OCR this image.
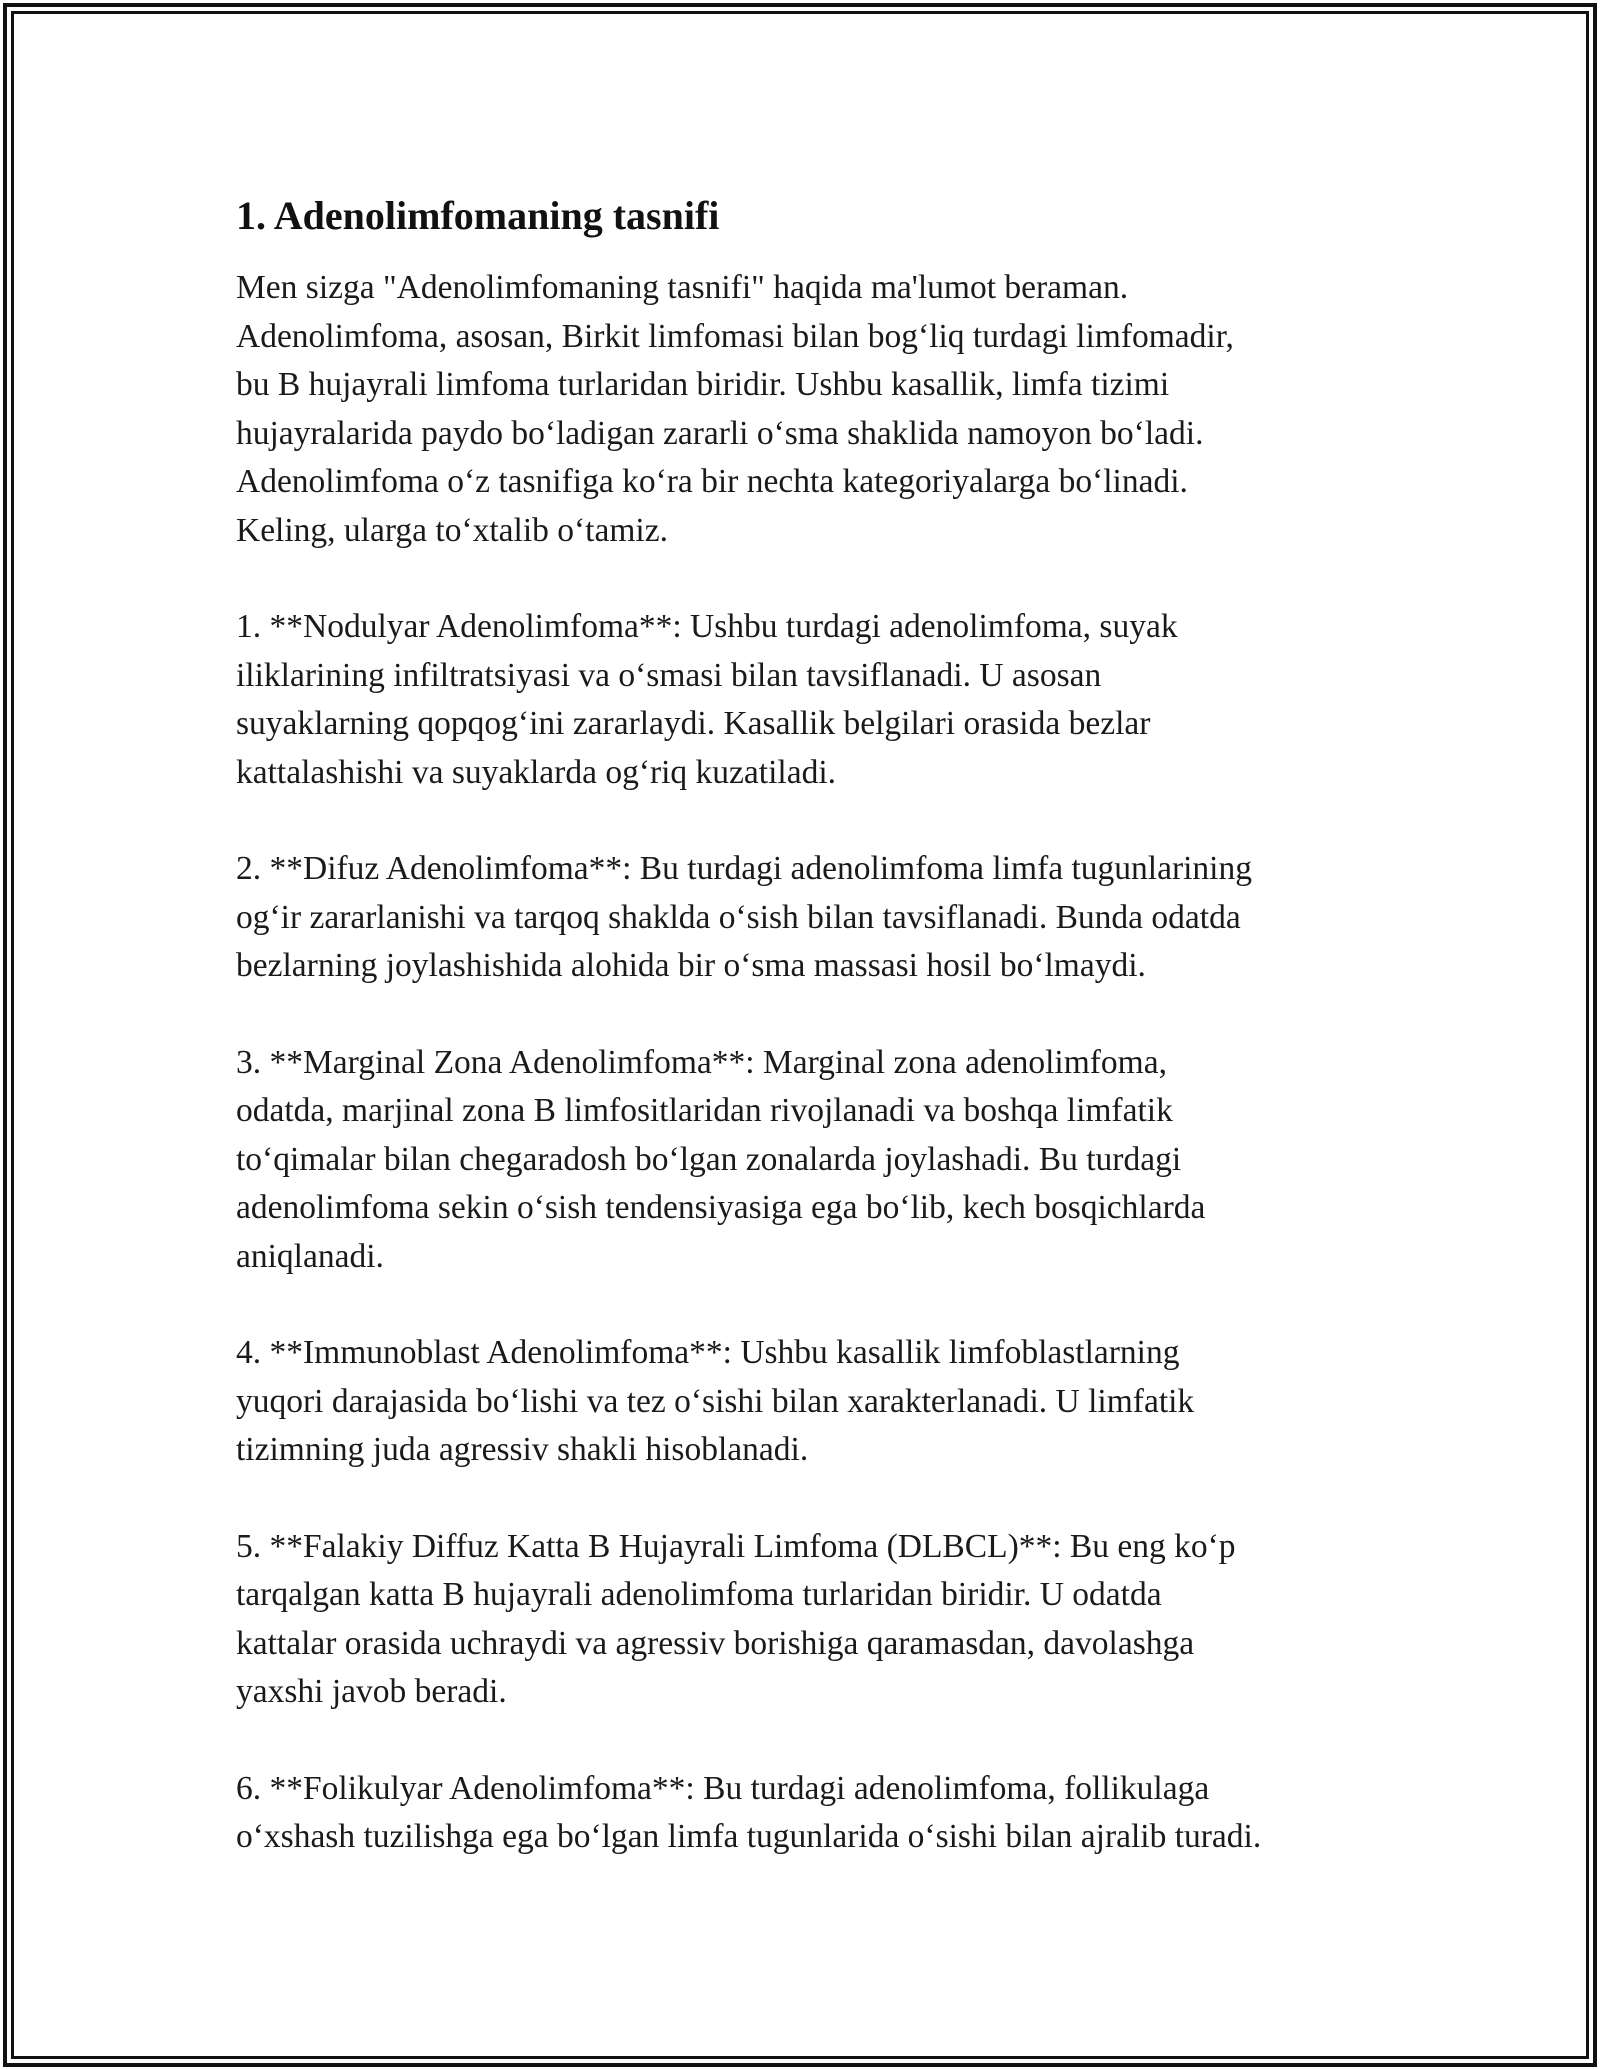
1. Adenolimfomaning tasnifi

Men sizga "Adenolimfomaning tasnifi" haqida ma'lumot beraman.
Adenolimfoma, asosan, Birkit limfomasi bilan bog‘liq turdagi limfomadir,
bu B hujayrali limfoma turlaridan biridir. Ushbu kasallik, limfa tizimi
hujayralarida paydo bo‘ladigan zararli o‘sma shaklida namoyon bo‘ladi.
Adenolimfoma o‘z tasnifiga ko‘ra bir nechta kategoriyalarga bo‘linadi.
Keling, ularga to‘xtalib o‘tamiz.

1. **Nodulyar Adenolimfoma**: Ushbu turdagi adenolimfoma, suyak
iliklarining infiltratsiyasi va o‘smasi bilan tavsiflanadi. U asosan
suyaklarning qopqog‘ini zararlaydi. Kasallik belgilari orasida bezlar
kattalashishi va suyaklarda og‘riq kuzatiladi.

2. **Difuz Adenolimfoma**: Bu turdagi adenolimfoma limfa tugunlarining
og‘ir zararlanishi va tarqoq shaklda o‘sish bilan tavsiflanadi. Bunda odatda
bezlarning joylashishida alohida bir o‘sma massasi hosil bo‘lmaydi.

3. **Marginal Zona Adenolimfoma**: Marginal zona adenolimfoma,
odatda, marjinal zona B limfositlaridan rivojlanadi va boshqa limfatik
to‘qimalar bilan chegaradosh bo‘lgan zonalarda joylashadi. Bu turdagi
adenolimfoma sekin o‘sish tendensiyasiga ega bo‘lib, kech bosqichlarda
aniqlanadi.

4. **Immunoblast Adenolimfoma**: Ushbu kasallik limfoblastlarning
yuqori darajasida bo‘lishi va tez o‘sishi bilan xarakterlanadi. U limfatik
tizimning juda agressiv shakli hisoblanadi.

5. **Falakiy Diffuz Katta B Hujayrali Limfoma (DLBCL)**: Bu eng ko‘p
tarqalgan katta B hujayrali adenolimfoma turlaridan biridir. U odatda
kattalar orasida uchraydi va agressiv borishiga qaramasdan, davolashga
yaxshi javob beradi.

6. **Folikulyar Adenolimfoma**: Bu turdagi adenolimfoma, follikulaga
o‘xshash tuzilishga ega bo‘lgan limfa tugunlarida o‘sishi bilan ajralib turadi.
